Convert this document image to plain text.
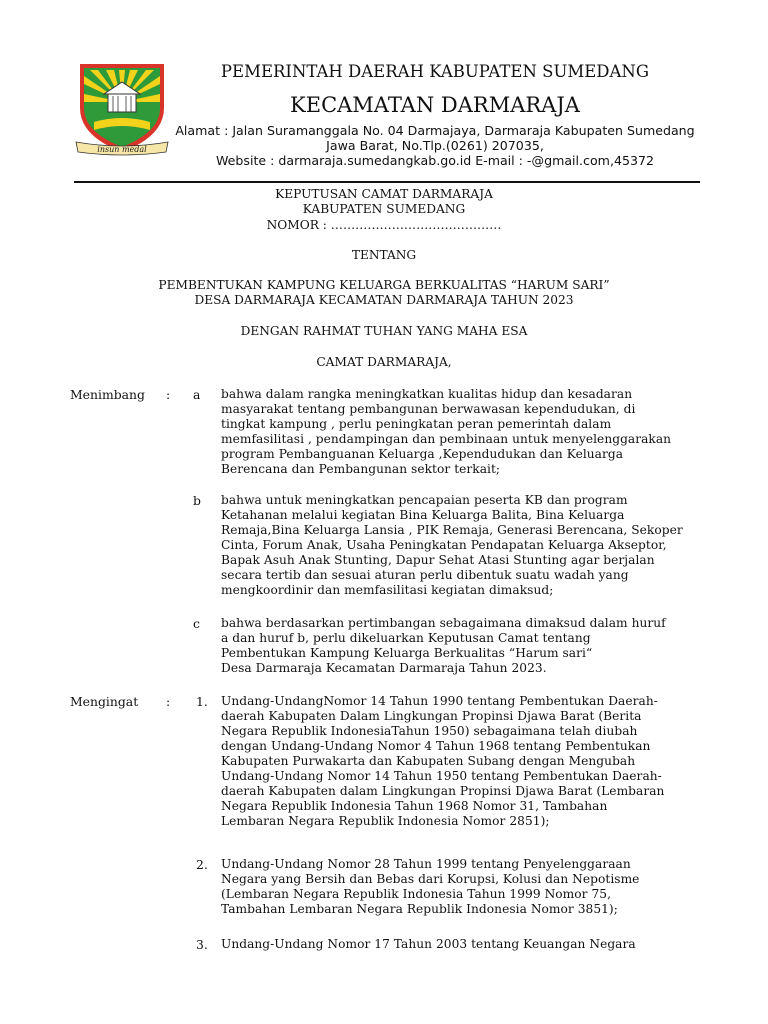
insun medal
PEMERINTAH DAERAH KABUPATEN SUMEDANG
KECAMATAN DARMARAJA
Alamat : Jalan Suramanggala No. 04 Darmajaya, Darmaraja Kabupaten Sumedang
Jawa Barat, No.Tlp.(0261) 207035,
Website : darmaraja.sumedangkab.go.id E-mail : -@gmail.com,45372
KEPUTUSAN CAMAT DARMARAJA
KABUPATEN SUMEDANG
NOMOR : ……………………………………
TENTANG
PEMBENTUKAN KAMPUNG KELUARGA BERKUALITAS “HARUM SARI”
DESA DARMARAJA KECAMATAN DARMARAJA TAHUN 2023
DENGAN RAHMAT TUHAN YANG MAHA ESA
CAMAT DARMARAJA,
Menimbang : a bahwa dalam rangka meningkatkan kualitas hidup dan kesadaran
masyarakat tentang pembangunan berwawasan kependudukan, di
tingkat kampung , perlu peningkatan peran pemerintah dalam
memfasilitasi , pendampingan dan pembinaan untuk menyelenggarakan
program Pembanguanan Keluarga ,Kependudukan dan Keluarga
Berencana dan Pembangunan sektor terkait;
b bahwa untuk meningkatkan pencapaian peserta KB dan program
Ketahanan melalui kegiatan Bina Keluarga Balita, Bina Keluarga
Remaja,Bina Keluarga Lansia , PIK Remaja, Generasi Berencana, Sekoper
Cinta, Forum Anak, Usaha Peningkatan Pendapatan Keluarga Akseptor,
Bapak Asuh Anak Stunting, Dapur Sehat Atasi Stunting agar berjalan
secara tertib dan sesuai aturan perlu dibentuk suatu wadah yang
mengkoordinir dan memfasilitasi kegiatan dimaksud;
c bahwa berdasarkan pertimbangan sebagaimana dimaksud dalam huruf
a dan huruf b, perlu dikeluarkan Keputusan Camat tentang
Pembentukan Kampung Keluarga Berkualitas “Harum sari“
Desa Darmaraja Kecamatan Darmaraja Tahun 2023.
Mengingat : 1. Undang-UndangNomor 14 Tahun 1990 tentang Pembentukan Daerah-
daerah Kabupaten Dalam Lingkungan Propinsi Djawa Barat (Berita
Negara Republik IndonesiaTahun 1950) sebagaimana telah diubah
dengan Undang-Undang Nomor 4 Tahun 1968 tentang Pembentukan
Kabupaten Purwakarta dan Kabupaten Subang dengan Mengubah
Undang-Undang Nomor 14 Tahun 1950 tentang Pembentukan Daerah-
daerah Kabupaten dalam Lingkungan Propinsi Djawa Barat (Lembaran
Negara Republik Indonesia Tahun 1968 Nomor 31, Tambahan
Lembaran Negara Republik Indonesia Nomor 2851);
2. Undang-Undang Nomor 28 Tahun 1999 tentang Penyelenggaraan
Negara yang Bersih dan Bebas dari Korupsi, Kolusi dan Nepotisme
(Lembaran Negara Republik Indonesia Tahun 1999 Nomor 75,
Tambahan Lembaran Negara Republik Indonesia Nomor 3851);
3. Undang-Undang Nomor 17 Tahun 2003 tentang Keuangan Negara
